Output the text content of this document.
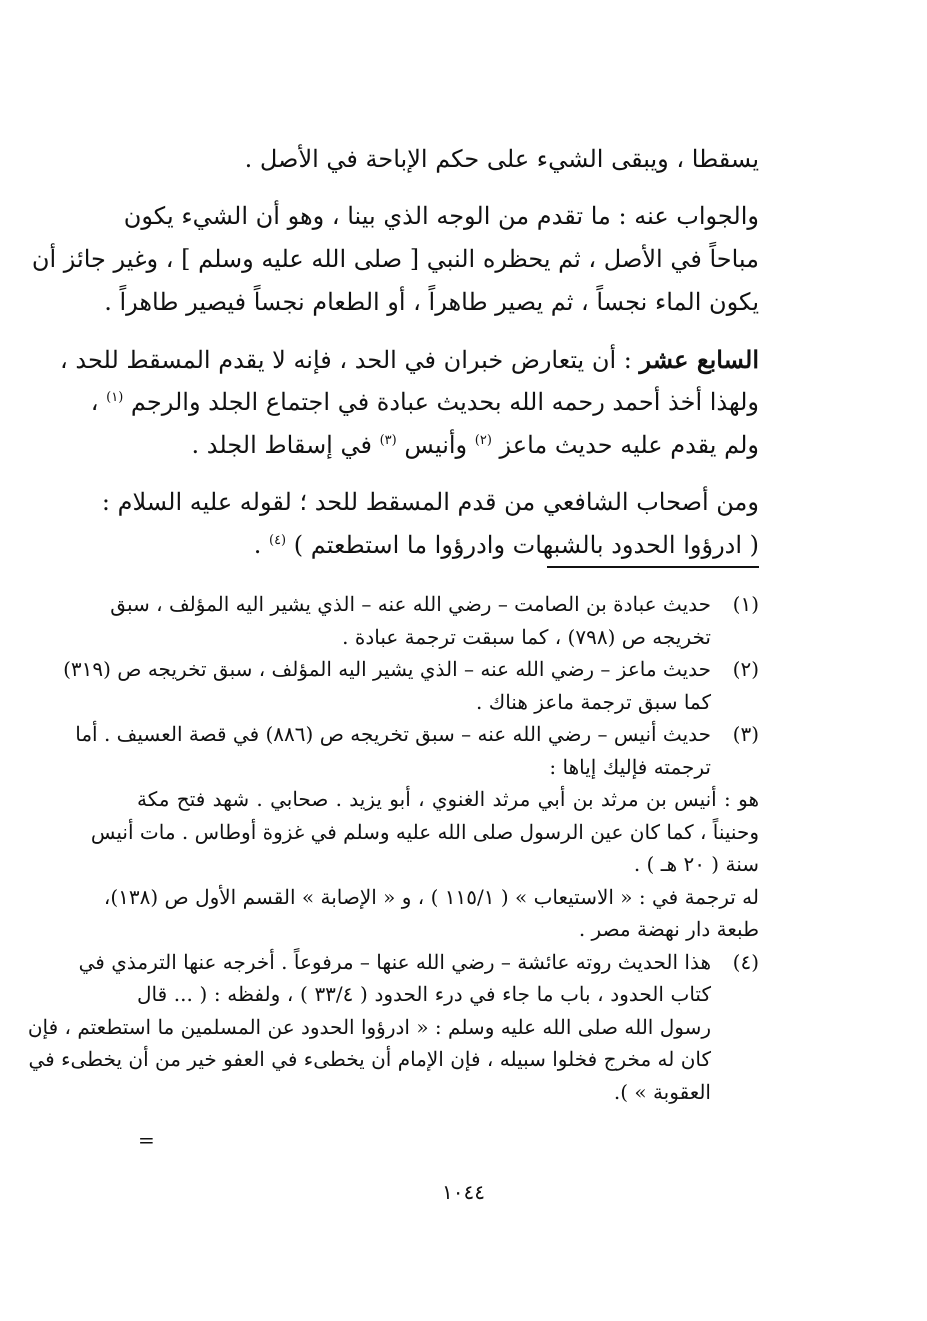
يسقطا ، ويبقى الشيء على حكم الإباحة في الأصل .
والجواب عنه : ما تقدم من الوجه الذي بينا ، وهو أن الشيء يكون
مباحاً في الأصل ، ثم يحظره النبي [ صلى الله عليه وسلم ] ، وغير جائز أن
يكون الماء نجساً ، ثم يصير طاهراً ، أو الطعام نجساً فيصير طاهراً .
السابع عشر : أن يتعارض خبران في الحد ، فإنه لا يقدم المسقط للحد ،
ولهذا أخذ أحمد رحمه الله بحديث عبادة في اجتماع الجلد والرجم $^{(١)}$ ،
ولم يقدم عليه حديث ماعز $^{(٢)}$ وأنيس $^{(٣)}$ في إسقاط الجلد .
ومن أصحاب الشافعي من قدم المسقط للحد ؛ لقوله عليه السلام :
( ادرؤوا الحدود بالشبهات وادرؤوا ما استطعتم ) $^{(٤)}$ .
(١)
حديث عبادة بن الصامت – رضي الله عنه – الذي يشير اليه المؤلف ، سبق
تخريجه ص (٧٩٨) ، كما سبقت ترجمة عبادة .
(٢)
حديث ماعز – رضي الله عنه – الذي يشير اليه المؤلف ، سبق تخريجه ص (٣١٩)
كما سبق ترجمة ماعز هناك .
(٣)
حديث أنيس – رضي الله عنه – سبق تخريجه ص (٨٨٦) في قصة العسيف . أما
ترجمته فإليك إياها :
هو : أنيس بن مرثد بن أبي مرثد الغنوي ، أبو يزيد . صحابي . شهد فتح مكة
وحنيناً ، كما كان عين الرسول صلى الله عليه وسلم في غزوة أوطاس . مات أنيس
سنة ( ٢٠ هـ ) .
له ترجمة في : « الاستيعاب » ( ١١٥/١ ) ، و « الإصابة » القسم الأول ص (١٣٨)،
طبعة دار نهضة مصر .
(٤)
هذا الحديث روته عائشة – رضي الله عنها – مرفوعاً . أخرجه عنها الترمذي في
كتاب الحدود ، باب ما جاء في درء الحدود ( ٣٣/٤ ) ، ولفظه : ( ... قال
رسول الله صلى الله عليه وسلم : « ادرؤوا الحدود عن المسلمين ما استطعتم ، فإن
كان له مخرج فخلوا سبيله ، فإن الإمام أن يخطىء في العفو خير من أن يخطىء في
العقوبة » ).
=
١٠٤٤
